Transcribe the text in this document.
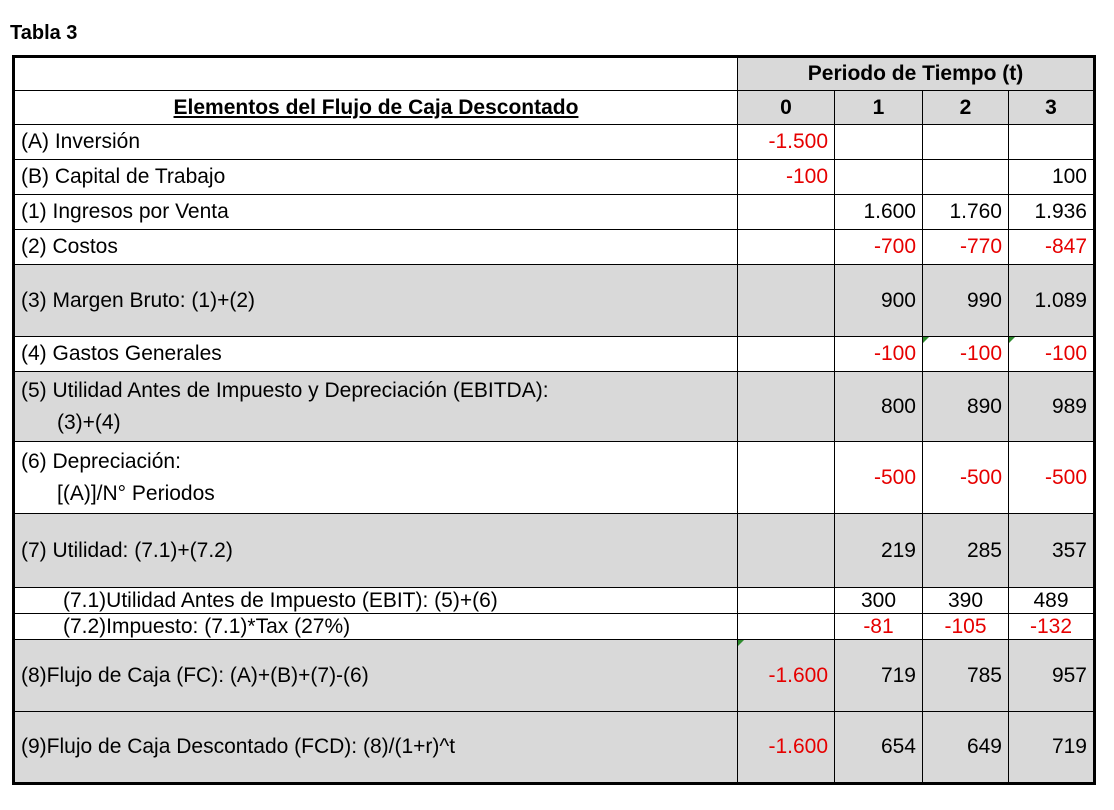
Tabla 3
	Periodo de Tiempo (t)			
Elementos del Flujo de Caja Descontado	0	1	2	3
(A) Inversión	-1.500			
(B) Capital de Trabajo	-100			100
(1) Ingresos por Venta		1.600	1.760	1.936
(2) Costos		-700	-770	-847
(3) Margen Bruto: (1)+(2)		900	990	1.089
(4) Gastos Generales		-100	-100	-100

(5) Utilidad Antes de Impuesto y Depreciación (EBITDA):
(3)+(4)		800	890	989

(6) Depreciación:
[(A)]/N° Periodos		-500	-500	-500
(7) Utilidad: (7.1)+(7.2)		219	285	357
(7.1)Utilidad Antes de Impuesto (EBIT): (5)+(6)		300	390	489
(7.2)Impuesto: (7.1)*Tax (27%)		-81	-105	-132
(8)Flujo de Caja (FC): (A)+(B)+(7)-(6)	-1.600	719	785	957
(9)Flujo de Caja Descontado (FCD): (8)/(1+r)^t	-1.600	654	649	719
